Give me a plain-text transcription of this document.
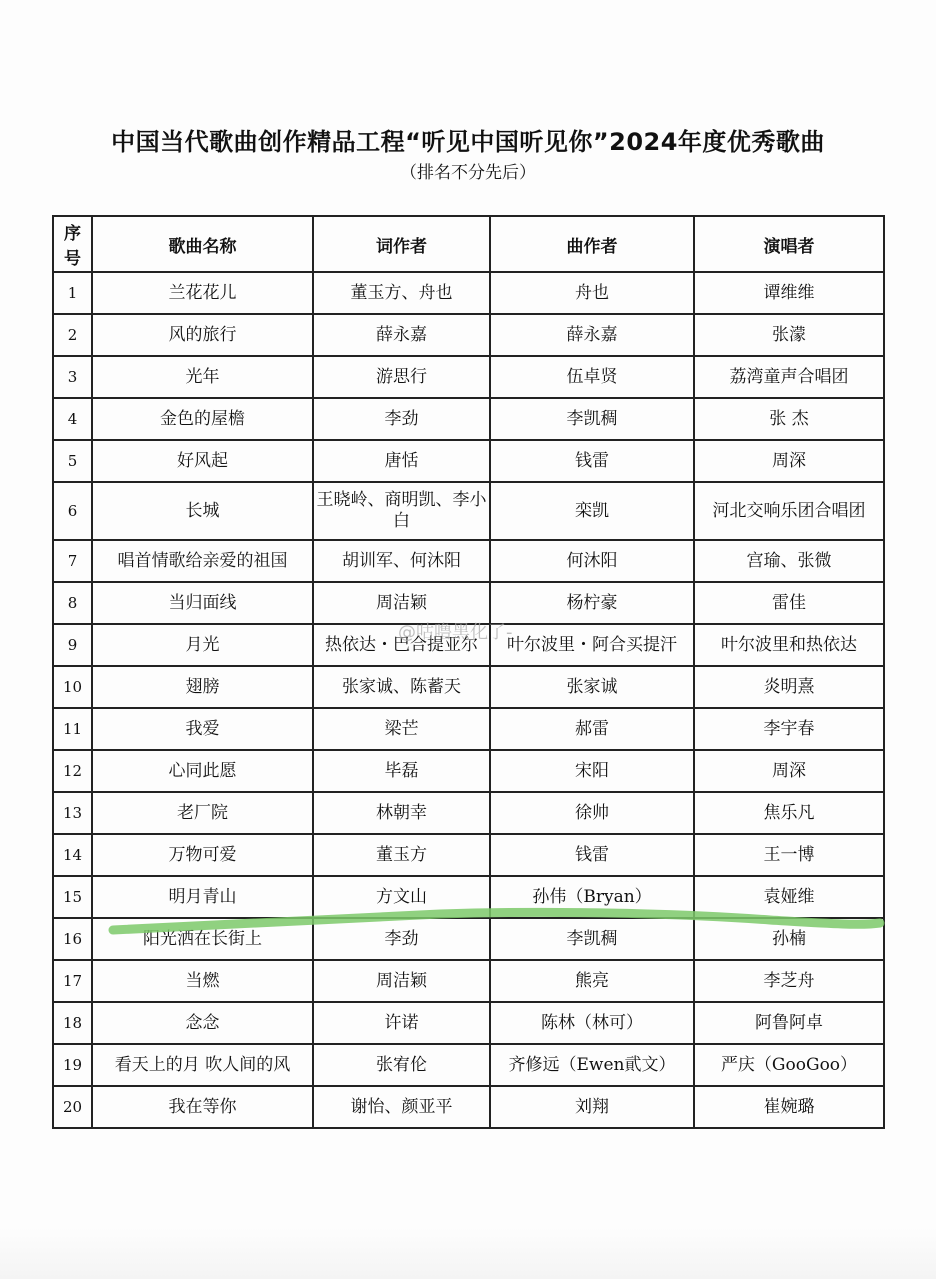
中国当代歌曲创作精品工程“听见中国听见你”2024年度优秀歌曲
（排名不分先后）
序号	歌曲名称	词作者	曲作者	演唱者
1	兰花花儿	董玉方、舟也	舟也	谭维维
2	风的旅行	薛永嘉	薛永嘉	张濛
3	光年	游思行	伍卓贤	荔湾童声合唱团
4	金色的屋檐	李劲	李凯稠	张 杰
5	好风起	唐恬	钱雷	周深
6	长城	王晓岭、商明凯、李小白	栾凯	河北交响乐团合唱团
7	唱首情歌给亲爱的祖国	胡训军、何沐阳	何沐阳	宫瑜、张微
8	当归面线	周洁颖	杨柠豪	雷佳
9	月光	热依达・巴合提亚尔	叶尔波里・阿合买提汗	叶尔波里和热依达
10	翅膀	张家诚、陈蓄天	张家诚	炎明熹
11	我爱	梁芒	郝雷	李宇春
12	心同此愿	毕磊	宋阳	周深
13	老厂院	林朝幸	徐帅	焦乐凡
14	万物可爱	董玉方	钱雷	王一博
15	明月青山	方文山	孙伟（Bryan）	袁娅维
16	阳光洒在长街上	李劲	李凯稠	孙楠
17	当燃	周洁颖	熊亮	李芝舟
18	念念	许诺	陈林（林可）	阿鲁阿卓
19	看天上的月 吹人间的风	张宥伦	齐修远（Ewen貮文）	严庆（GooGoo）
20	我在等你	谢怡、颜亚平	刘翔	崔婉璐
@咕噜黑化了-
